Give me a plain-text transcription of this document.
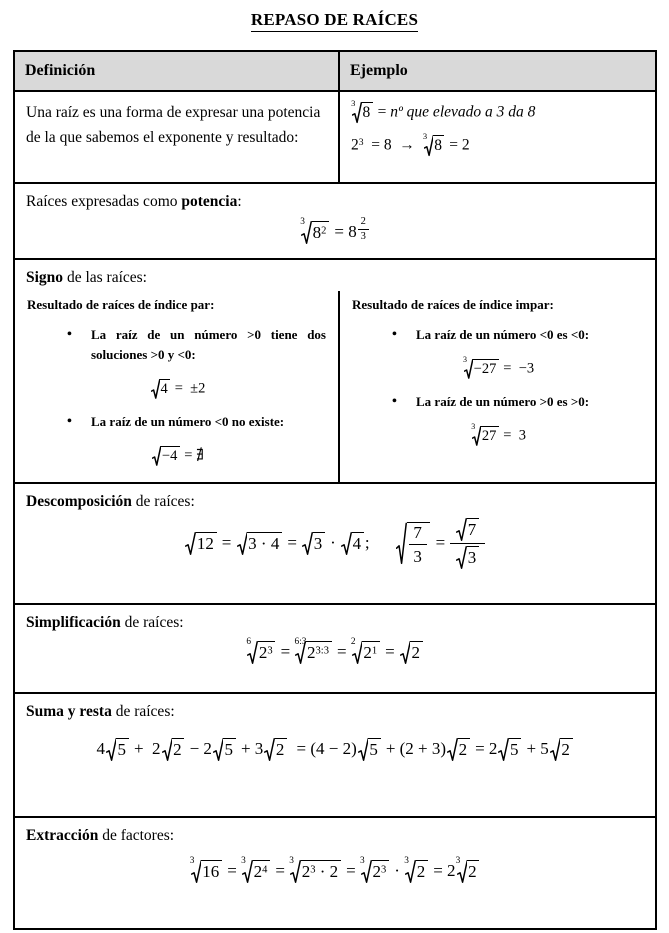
REPASO DE RAÍCES
Definición	Ejemplo
Una raíz es una forma de expresar una potencia de la que sabemos el exponente y resultado:
3
8 = nº que elevado a 3 da 8
$2^3 = 8$  →
3
8 = 2
Raíces expresadas como potencia:
3
$8^2 = 8$ $^{\frac{2}{3}}$
Signo de las raíces:
Resultado de raíces de índice par:
• La raíz de un número >0 tiene dos soluciones >0 y <0:
4 =  ±2
• La raíz de un número <0 no existe:
−4 = ∄
Resultado de raíces de índice impar:
• La raíz de un número <0 es <0:
3
−27 =  −3
• La raíz de un número >0 es >0:
3
27 =  3
Descomposición de raíces:
12 =
3 · 4 =
3 ·
4 ; $\frac{7}{3} = \frac{7}{3}$
Simplificación de raíces:
6
$2^3$ =
6:3
$2^{3:3}$ =
2
$2^1$ =
2
Suma y resta de raíces:
4 5 +  2 2 − 2 5 + 3 2  = (4 − 2) 5 + (2 + 3) 2 = 2 5 + 5 2
Extracción de factores:
3
16 =
3
$2^4$ =
3
$2^3 \cdot 2$ =
3
$2^3$ ·
3
2 = 2
3
2
